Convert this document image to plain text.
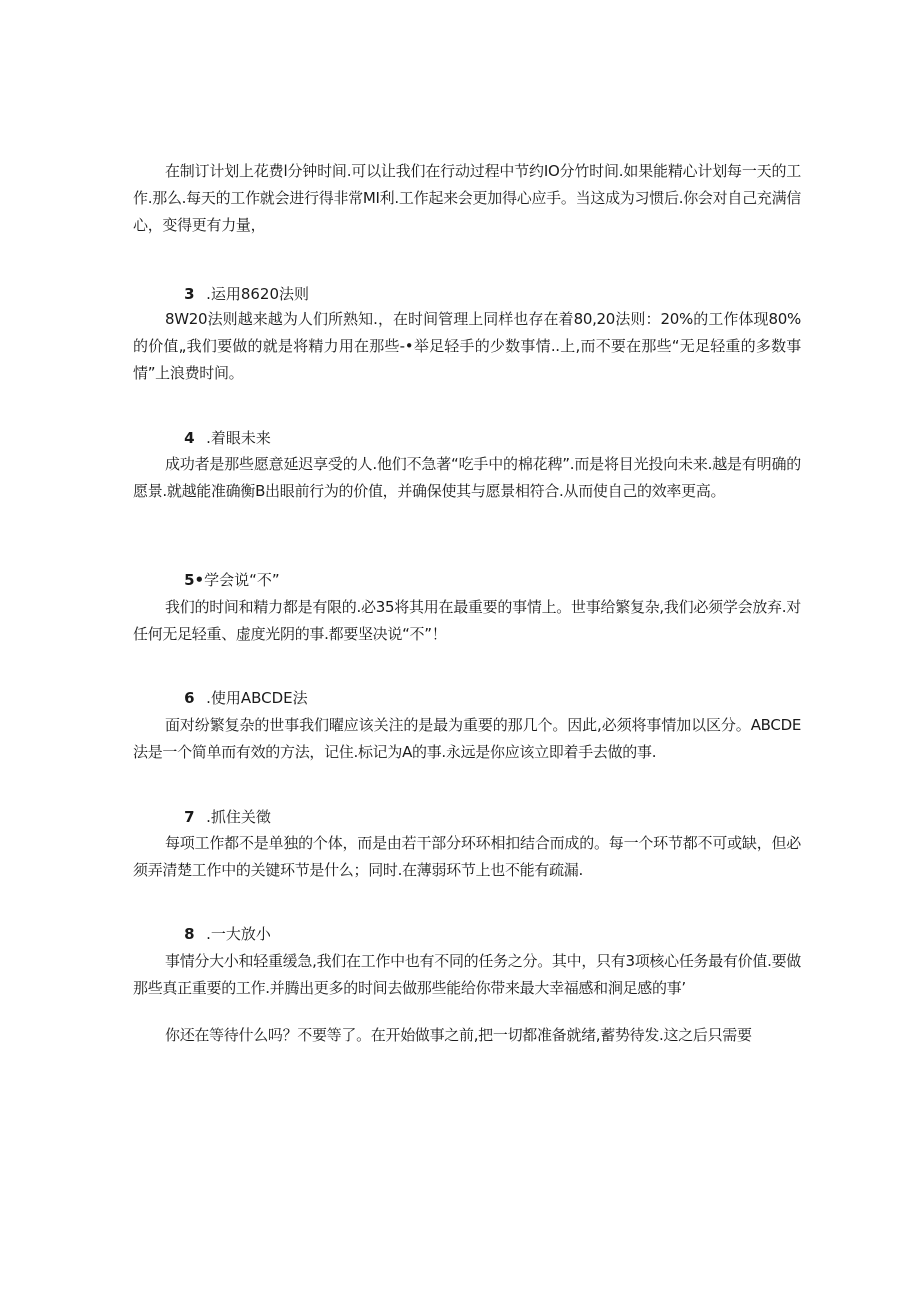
在制订计划上花费l分钟时间.可以让我们在行动过程中节约IO分竹时间.如果能精心计划每一天的工作.那么.每天的工作就会进行得非常MI利.工作起来会更加得心应手。当这成为习惯后.你会对自己充满信心，变得更有力量，

3 .运用8620法则

8W20法则越来越为人们所熟知.，在时间管理上同样也存在着80,20法则：20%的工作体现80%的价值„我们要做的就是将精力用在那些-•举足轻手的少数事情..上,而不要在那些“无足轻重的多数事情”上浪费时间。

4 .着眼未来

成功者是那些愿意延迟享受的人.他们不急著“吃手中的棉花稗”.而是将目光投向未来.越是有明确的愿景.就越能准确衡B出眼前行为的价值，并确保使其与愿景相符合.从而使自己的效率更高。

5•学会说“不”

我们的时间和精力都是有限的.必35将其用在最重要的事情上。世事给繁复杂,我们必须学会放弃.对任何无足轻重、虚度光阴的事.都要坚决说“不”！

6 .使用ABCDE法

面对纷繁复杂的世事我们曜应该关注的是最为重要的那几个。因此,必须将事情加以区分。ABCDE法是一个简单而有效的方法，记住.标记为A的事.永远是你应该立即着手去做的事.

7 .抓住关徵

每项工作都不是单独的个体，而是由若干部分环环相扣结合而成的。每一个环节都不可或缺，但必须弄清楚工作中的关键环节是什么；同时.在薄弱环节上也不能有疏漏.

8 .一大放小

事情分大小和轻重缓急,我们在工作中也有不同的任务之分。其中，只有3项核心任务最有价值.要做那些真正重要的工作.并腾出更多的时间去做那些能给你带来最大幸福感和涧足感的事’

你还在等待什么吗？不要等了。在开始做事之前,把一切都准备就绪,蓄势待发.这之后只需要
